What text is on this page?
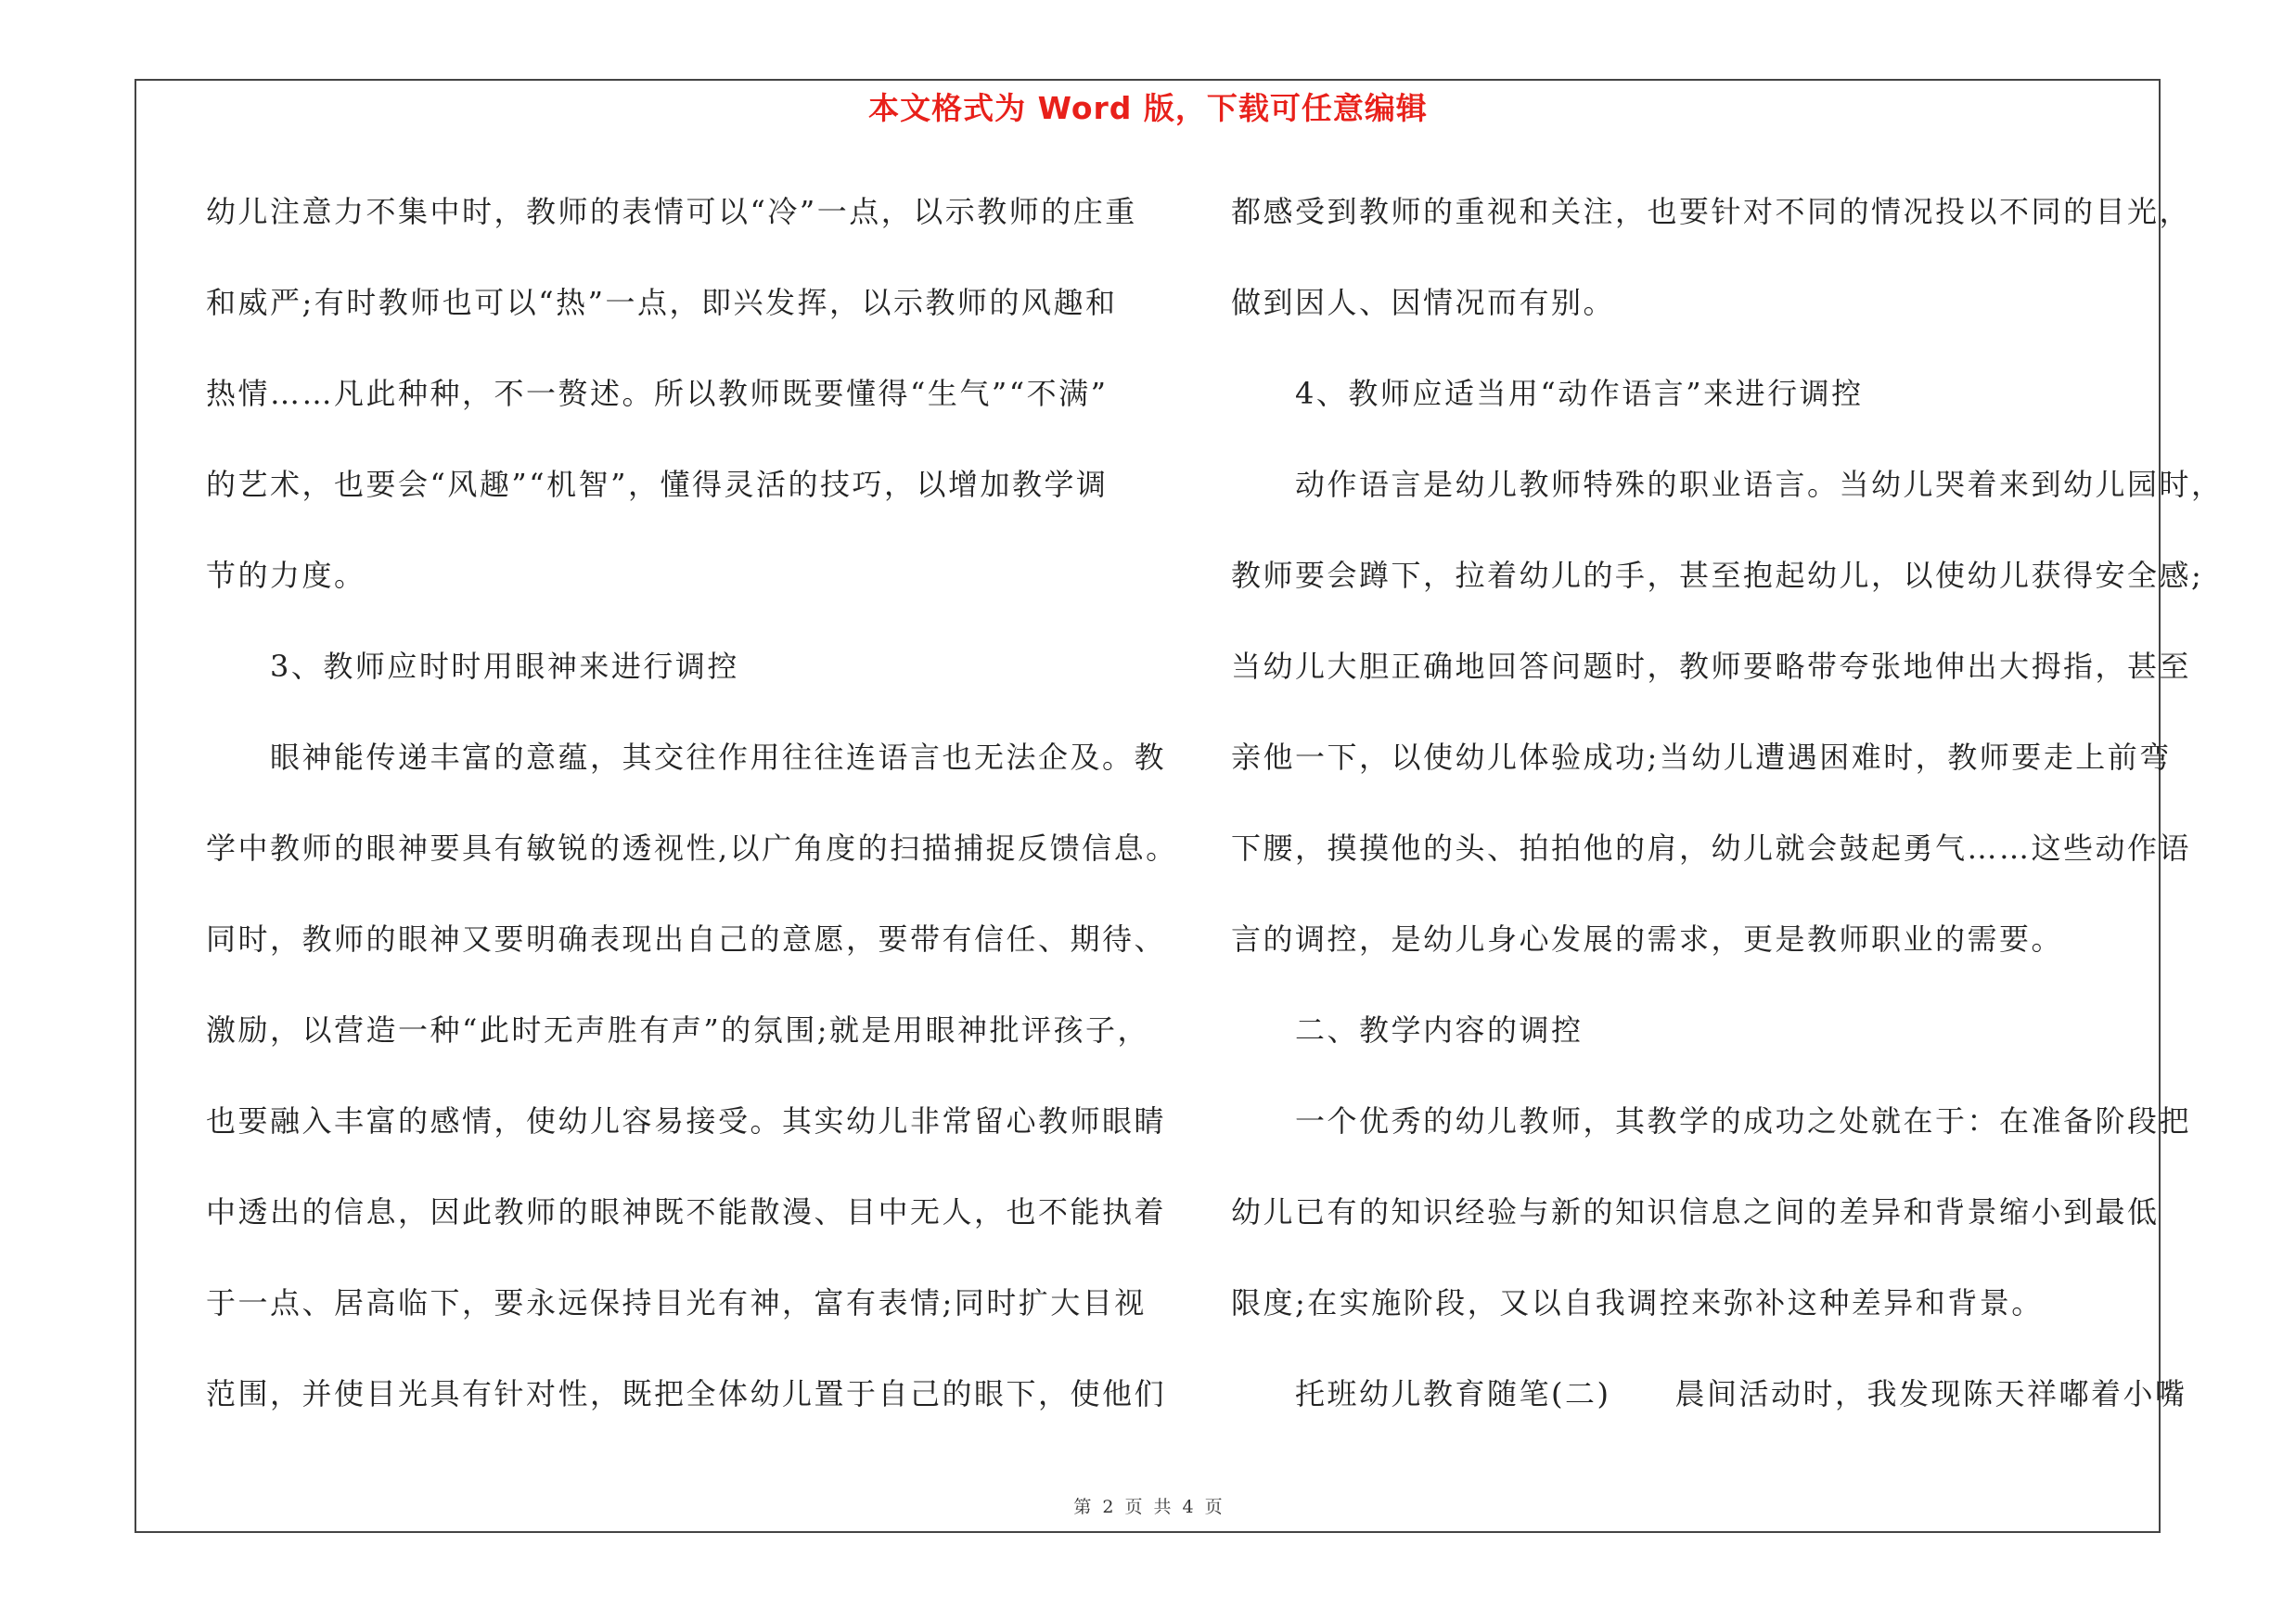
本文格式为 Word 版，下载可任意编辑
幼儿注意力不集中时，教师的表情可以“冷”一点，以示教师的庄重
和威严;有时教师也可以“热”一点，即兴发挥，以示教师的风趣和
热情……凡此种种，不一赘述。所以教师既要懂得“生气”“不满”
的艺术，也要会“风趣”“机智”，懂得灵活的技巧，以增加教学调
节的力度。
　　3、教师应时时用眼神来进行调控
　　眼神能传递丰富的意蕴，其交往作用往往连语言也无法企及。教
学中教师的眼神要具有敏锐的透视性,以广角度的扫描捕捉反馈信息。
同时，教师的眼神又要明确表现出自己的意愿，要带有信任、期待、
激励，以营造一种“此时无声胜有声”的氛围;就是用眼神批评孩子，
也要融入丰富的感情，使幼儿容易接受。其实幼儿非常留心教师眼睛
中透出的信息，因此教师的眼神既不能散漫、目中无人，也不能执着
于一点、居高临下，要永远保持目光有神，富有表情;同时扩大目视
范围，并使目光具有针对性，既把全体幼儿置于自己的眼下，使他们
都感受到教师的重视和关注，也要针对不同的情况投以不同的目光，
做到因人、因情况而有别。
　　4、教师应适当用“动作语言”来进行调控
　　动作语言是幼儿教师特殊的职业语言。当幼儿哭着来到幼儿园时，
教师要会蹲下，拉着幼儿的手，甚至抱起幼儿，以使幼儿获得安全感;
当幼儿大胆正确地回答问题时，教师要略带夸张地伸出大拇指，甚至
亲他一下，以使幼儿体验成功;当幼儿遭遇困难时，教师要走上前弯
下腰，摸摸他的头、拍拍他的肩，幼儿就会鼓起勇气……这些动作语
言的调控，是幼儿身心发展的需求，更是教师职业的需要。
　　二、教学内容的调控
　　一个优秀的幼儿教师，其教学的成功之处就在于：在准备阶段把
幼儿已有的知识经验与新的知识信息之间的差异和背景缩小到最低
限度;在实施阶段，又以自我调控来弥补这种差异和背景。
　　托班幼儿教育随笔(二)　　晨间活动时，我发现陈天祥嘟着小嘴
第 2 页 共 4 页
